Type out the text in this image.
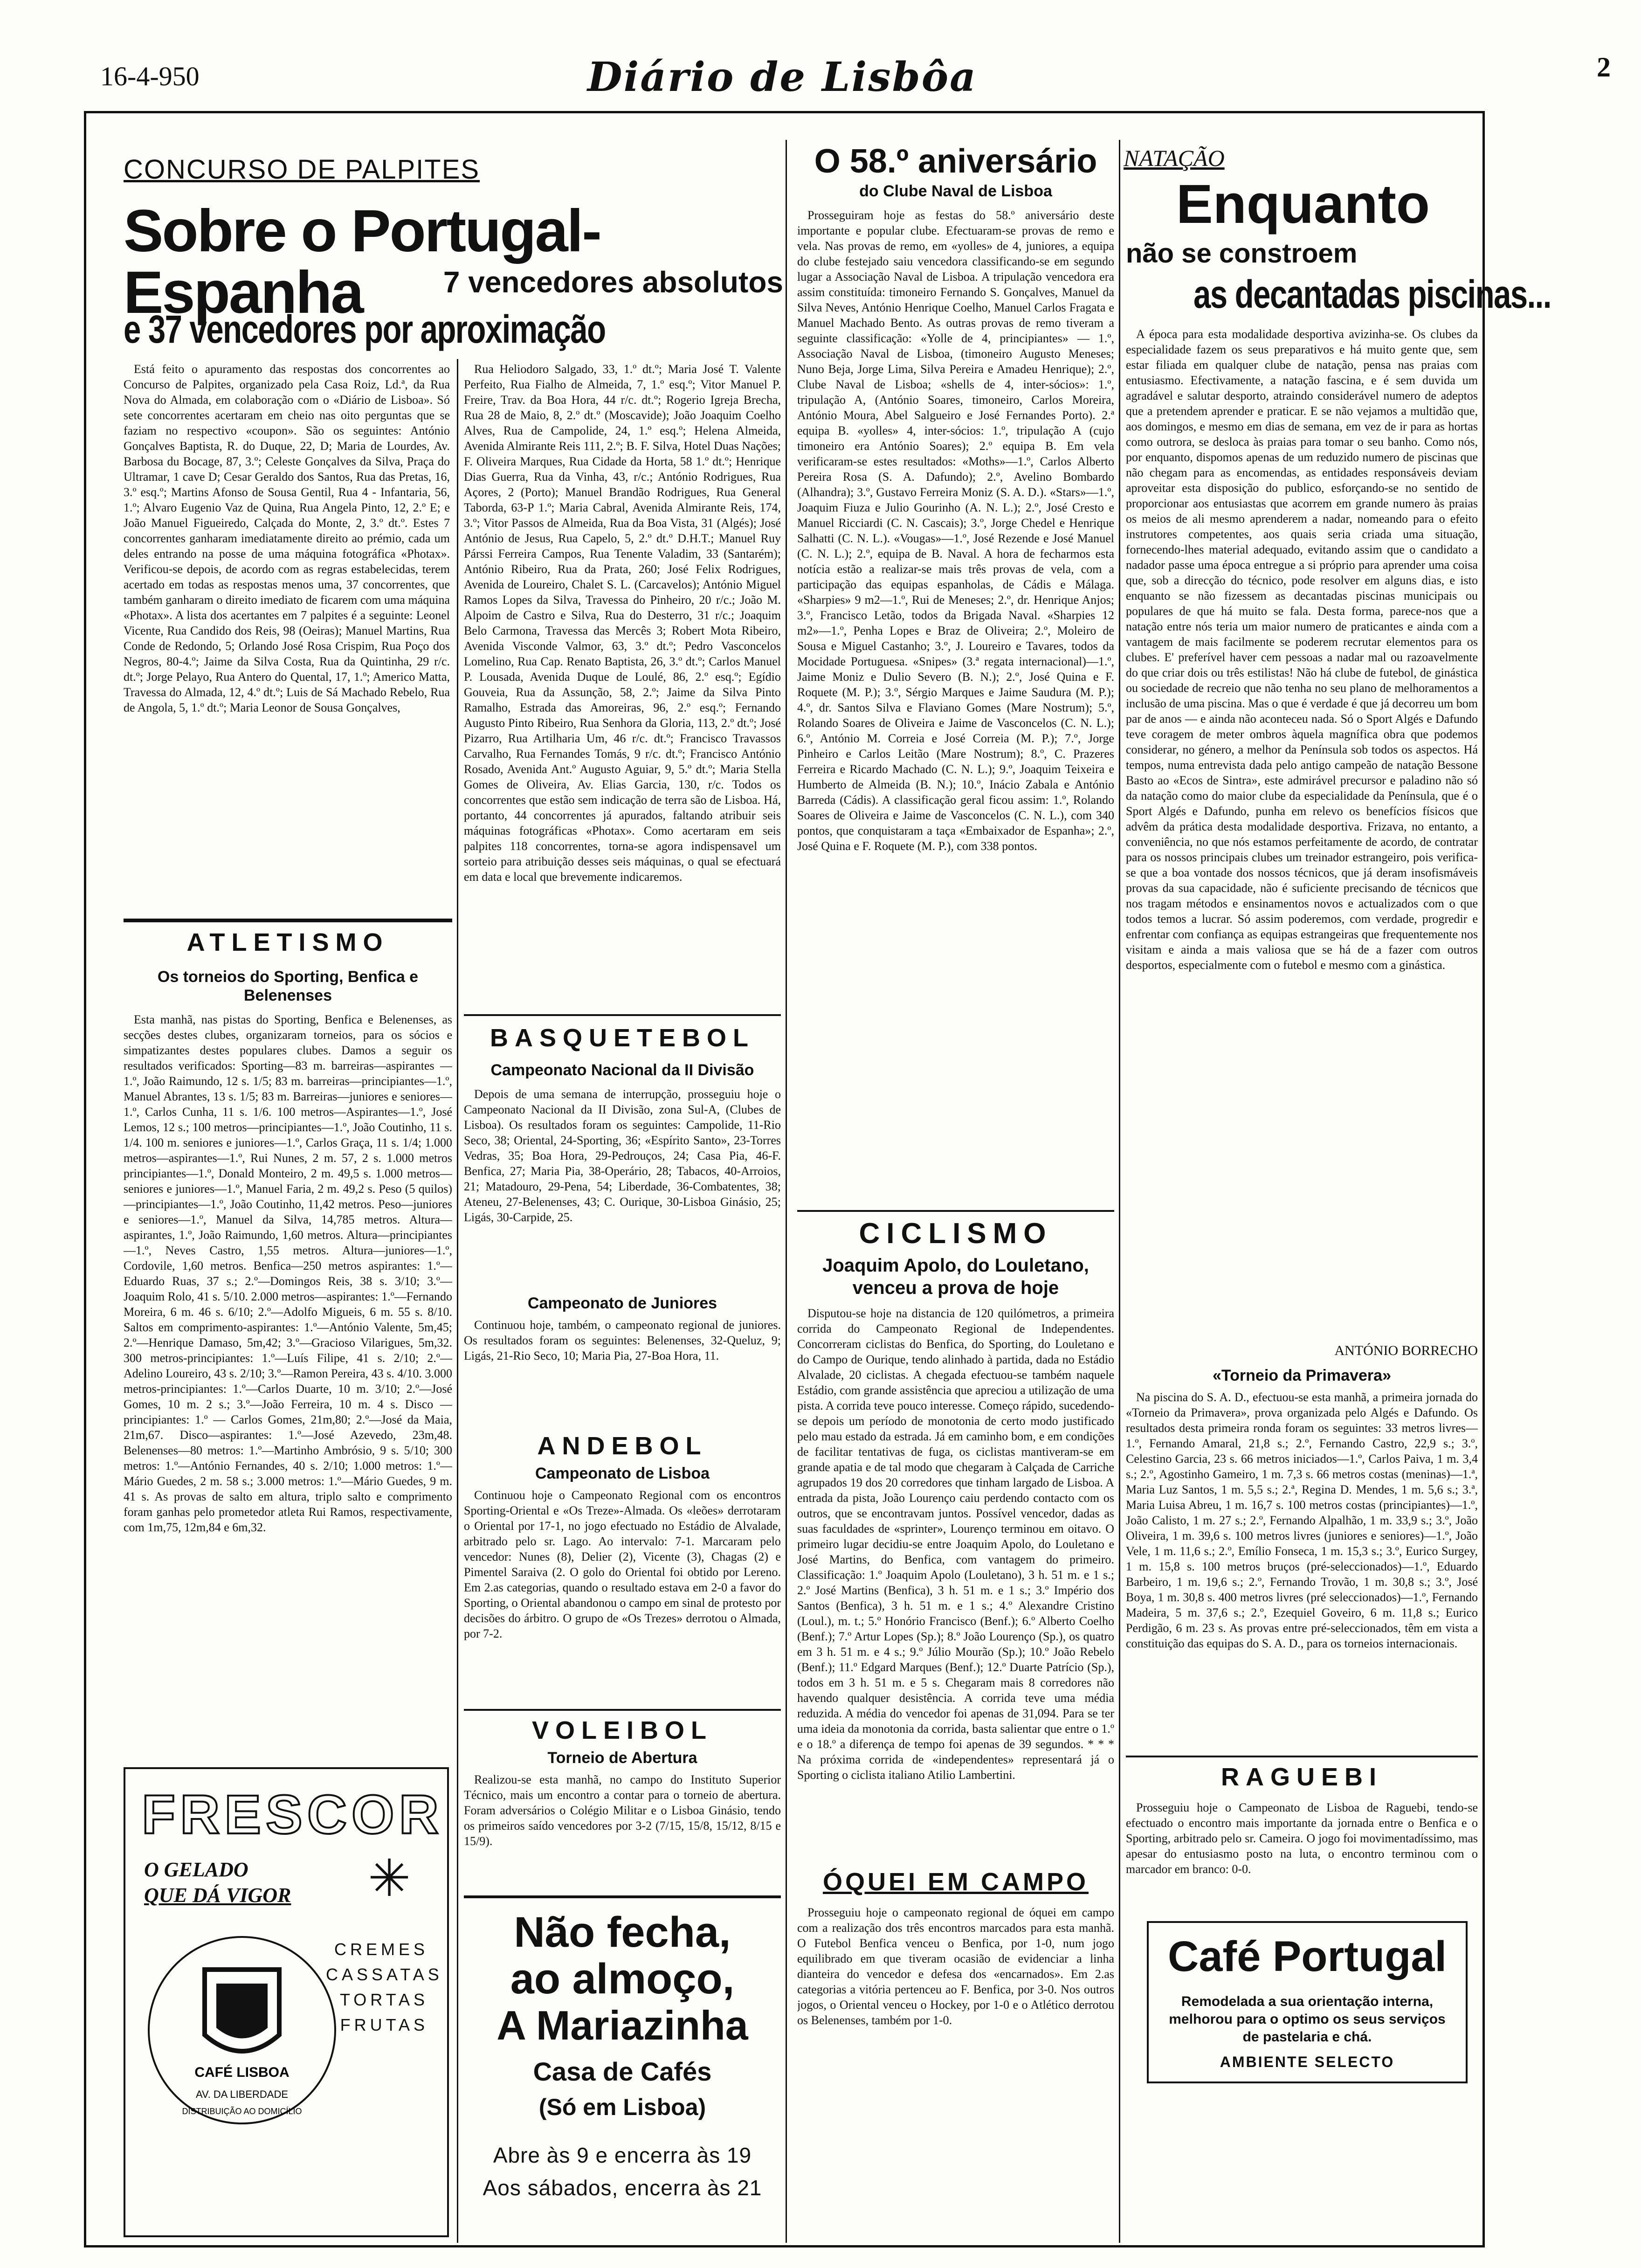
16-4-950	Diário de Lisbôa	2
CONCURSO DE PALPITES
Sobre o Portugal-Espanha	7 vencedores absolutos
e 37 vencedores por aproximação

Está feito o apuramento das respostas dos concorrentes ao Concurso de Palpites, organizado pela Casa Roiz, Ld.ª, da Rua Nova do Almada, em colaboração com o «Diário de Lisboa». Só sete concorrentes acertaram em cheio nas oito perguntas que se faziam no respectivo «coupon». São os seguintes: António Gonçalves Baptista, R. do Duque, 22, D; Maria de Lourdes, Av. Barbosa du Bocage, 87, 3.º; Celeste Gonçalves da Silva, Praça do Ultramar, 1 cave D; Cesar Geraldo dos Santos, Rua das Pretas, 16, 3.º esq.º; Martins Afonso de Sousa Gentil, Rua 4 - Infantaria, 56, 1.º; Alvaro Eugenio Vaz de Quina, Rua Angela Pinto, 12, 2.º E; e João Manuel Figueiredo, Calçada do Monte, 2, 3.º dt.º. Estes 7 concorrentes ganharam imediatamente direito ao prémio, cada um deles entrando na posse de uma máquina fotográfica «Photax». Verificou-se depois, de acordo com as regras estabelecidas, terem acertado em todas as respostas menos uma, 37 concorrentes, que também ganharam o direito imediato de ficarem com uma máquina «Photax». A lista dos acertantes em 7 palpites é a seguinte: Leonel Vicente, Rua Candido dos Reis, 98 (Oeiras); Manuel Martins, Rua Conde de Redondo, 5; Orlando José Rosa Crispim, Rua Poço dos Negros, 80-4.º; Jaime da Silva Costa, Rua da Quintinha, 29 r/c. dt.º; Jorge Pelayo, Rua Antero do Quental, 17, 1.º; Americo Matta, Travessa do Almada, 12, 4.º dt.º; Luis de Sá Machado Rebelo, Rua de Angola, 5, 1.º dt.º; Maria Leonor de Sousa Gonçalves,

Rua Heliodoro Salgado, 33, 1.º dt.º; Maria José T. Valente Perfeito, Rua Fialho de Almeida, 7, 1.º esq.º; Vitor Manuel P. Freire, Trav. da Boa Hora, 44 r/c. dt.º; Rogerio Igreja Brecha, Rua 28 de Maio, 8, 2.º dt.º (Moscavide); João Joaquim Coelho Alves, Rua de Campolide, 24, 1.º esq.º; Helena Almeida, Avenida Almirante Reis 111, 2.º; B. F. Silva, Hotel Duas Nações; F. Oliveira Marques, Rua Cidade da Horta, 58 1.º dt.º; Henrique Dias Guerra, Rua da Vinha, 43, r/c.; António Rodrigues, Rua Açores, 2 (Porto); Manuel Brandão Rodrigues, Rua General Taborda, 63-P 1.º; Maria Cabral, Avenida Almirante Reis, 174, 3.º; Vitor Passos de Almeida, Rua da Boa Vista, 31 (Algés); José António de Jesus, Rua Capelo, 5, 2.º dt.º D.H.T.; Manuel Ruy Párssi Ferreira Campos, Rua Tenente Valadim, 33 (Santarém); António Ribeiro, Rua da Prata, 260; José Felix Rodrigues, Avenida de Loureiro, Chalet S. L. (Carcavelos); António Miguel Ramos Lopes da Silva, Travessa do Pinheiro, 20 r/c.; João M. Alpoim de Castro e Silva, Rua do Desterro, 31 r/c.; Joaquim Belo Carmona, Travessa das Mercês 3; Robert Mota Ribeiro, Avenida Visconde Valmor, 63, 3.º dt.º; Pedro Vasconcelos Lomelino, Rua Cap. Renato Baptista, 26, 3.º dt.º; Carlos Manuel P. Lousada, Avenida Duque de Loulé, 86, 2.º esq.º; Egídio Gouveia, Rua da Assunção, 58, 2.º; Jaime da Silva Pinto Ramalho, Estrada das Amoreiras, 96, 2.º esq.º; Fernando Augusto Pinto Ribeiro, Rua Senhora da Gloria, 113, 2.º dt.º; José Pizarro, Rua Artilharia Um, 46 r/c. dt.º; Francisco Travassos Carvalho, Rua Fernandes Tomás, 9 r/c. dt.º; Francisco António Rosado, Avenida Ant.º Augusto Aguiar, 9, 5.º dt.º; Maria Stella Gomes de Oliveira, Av. Elias Garcia, 130, r/c. Todos os concorrentes que estão sem indicação de terra são de Lisboa. Há, portanto, 44 concorrentes já apurados, faltando atribuir seis máquinas fotográficas «Photax». Como acertaram em seis palpites 118 concorrentes, torna-se agora indispensavel um sorteio para atribuição desses seis máquinas, o qual se efectuará em data e local que brevemente indicaremos.

ATLETISMO
Os torneios do Sporting, Benfica e Belenenses

Esta manhã, nas pistas do Sporting, Benfica e Belenenses, as secções destes clubes, organizaram torneios, para os sócios e simpatizantes destes populares clubes. Damos a seguir os resultados verificados: Sporting—83 m. barreiras—aspirantes — 1.º, João Raimundo, 12 s. 1/5; 83 m. barreiras—principiantes—1.º, Manuel Abrantes, 13 s. 1/5; 83 m. Barreiras—juniores e seniores—1.º, Carlos Cunha, 11 s. 1/6. 100 metros—Aspirantes—1.º, José Lemos, 12 s.; 100 metros—principiantes—1.º, João Coutinho, 11 s. 1/4. 100 m. seniores e juniores—1.º, Carlos Graça, 11 s. 1/4; 1.000 metros—aspirantes—1.º, Rui Nunes, 2 m. 57, 2 s. 1.000 metros principiantes—1.º, Donald Monteiro, 2 m. 49,5 s. 1.000 metros—seniores e juniores—1.º, Manuel Faria, 2 m. 49,2 s. Peso (5 quilos)—principiantes—1.º, João Coutinho, 11,42 metros. Peso—juniores e seniores—1.º, Manuel da Silva, 14,785 metros. Altura—aspirantes, 1.º, João Raimundo, 1,60 metros. Altura—principiantes—1.º, Neves Castro, 1,55 metros. Altura—juniores—1.º, Cordovile, 1,60 metros. Benfica—250 metros aspirantes: 1.º—Eduardo Ruas, 37 s.; 2.º—Domingos Reis, 38 s. 3/10; 3.º—Joaquim Rolo, 41 s. 5/10. 2.000 metros—aspirantes: 1.º—Fernando Moreira, 6 m. 46 s. 6/10; 2.º—Adolfo Migueis, 6 m. 55 s. 8/10. Saltos em comprimento-aspirantes: 1.º—António Valente, 5m,45; 2.º—Henrique Damaso, 5m,42; 3.º—Gracioso Vilarigues, 5m,32. 300 metros-principiantes: 1.º—Luís Filipe, 41 s. 2/10; 2.º—Adelino Loureiro, 43 s. 2/10; 3.º—Ramon Pereira, 43 s. 4/10. 3.000 metros-principiantes: 1.º—Carlos Duarte, 10 m. 3/10; 2.º—José Gomes, 10 m. 2 s.; 3.º—João Ferreira, 10 m. 4 s. Disco — principiantes: 1.º — Carlos Gomes, 21m,80; 2.º—José da Maia, 21m,67. Disco—aspirantes: 1.º—José Azevedo, 23m,48. Belenenses—80 metros: 1.º—Martinho Ambrósio, 9 s. 5/10; 300 metros: 1.º—António Fernandes, 40 s. 2/10; 1.000 metros: 1.º—Mário Guedes, 2 m. 58 s.; 3.000 metros: 1.º—Mário Guedes, 9 m. 41 s. As provas de salto em altura, triplo salto e comprimento foram ganhas pelo prometedor atleta Rui Ramos, respectivamente, com 1m,75, 12m,84 e 6m,32.

FRESCOR
O GELADO
QUE DÁ VIGOR ✳
CREMES
CASSATAS
TORTAS
FRUTAS
CAFÉ LISBOA
AV. DA LIBERDADE
DISTRIBUIÇÃO AO DOMICÍLIO
BASQUETEBOL
Campeonato Nacional da II Divisão

Depois de uma semana de interrupção, prosseguiu hoje o Campeonato Nacional da II Divisão, zona Sul-A, (Clubes de Lisboa). Os resultados foram os seguintes: Campolide, 11-Rio Seco, 38; Oriental, 24-Sporting, 36; «Espírito Santo», 23-Torres Vedras, 35; Boa Hora, 29-Pedrouços, 24; Casa Pia, 46-F. Benfica, 27; Maria Pia, 38-Operário, 28; Tabacos, 40-Arroios, 21; Matadouro, 29-Pena, 54; Liberdade, 36-Combatentes, 38; Ateneu, 27-Belenenses, 43; C. Ourique, 30-Lisboa Ginásio, 25; Ligás, 30-Carpide, 25.

Campeonato de Juniores

Continuou hoje, também, o campeonato regional de juniores. Os resultados foram os seguintes: Belenenses, 32-Queluz, 9; Ligás, 21-Rio Seco, 10; Maria Pia, 27-Boa Hora, 11.

ANDEBOL
Campeonato de Lisboa

Continuou hoje o Campeonato Regional com os encontros Sporting-Oriental e «Os Treze»-Almada. Os «leões» derrotaram o Oriental por 17-1, no jogo efectuado no Estádio de Alvalade, arbitrado pelo sr. Lago. Ao intervalo: 7-1. Marcaram pelo vencedor: Nunes (8), Delier (2), Vicente (3), Chagas (2) e Pimentel Saraiva (2. O golo do Oriental foi obtido por Lereno. Em 2.as categorias, quando o resultado estava em 2-0 a favor do Sporting, o Oriental abandonou o campo em sinal de protesto por decisões do árbitro. O grupo de «Os Trezes» derrotou o Almada, por 7-2.

VOLEIBOL
Torneio de Abertura

Realizou-se esta manhã, no campo do Instituto Superior Técnico, mais um encontro a contar para o torneio de abertura. Foram adversários o Colégio Militar e o Lisboa Ginásio, tendo os primeiros saído vencedores por 3-2 (7/15, 15/8, 15/12, 8/15 e 15/9).

Não fecha,
ao almoço,
A Mariazinha
Casa de Cafés
(Só em Lisboa)
Abre às 9 e encerra às 19
Aos sábados, encerra às 21
O 58.º aniversário
do Clube Naval de Lisboa

Prosseguiram hoje as festas do 58.º aniversário deste importante e popular clube. Efectuaram-se provas de remo e vela. Nas provas de remo, em «yolles» de 4, juniores, a equipa do clube festejado saiu vencedora classificando-se em segundo lugar a Associação Naval de Lisboa. A tripulação vencedora era assim constituída: timoneiro Fernando S. Gonçalves, Manuel da Silva Neves, António Henrique Coelho, Manuel Carlos Fragata e Manuel Machado Bento. As outras provas de remo tiveram a seguinte classificação: «Yolle de 4, principiantes» — 1.º, Associação Naval de Lisboa, (timoneiro Augusto Meneses; Nuno Beja, Jorge Lima, Silva Pereira e Amadeu Henrique); 2.º, Clube Naval de Lisboa; «shells de 4, inter-sócios»: 1.º, tripulação A, (António Soares, timoneiro, Carlos Moreira, António Moura, Abel Salgueiro e José Fernandes Porto). 2.ª equipa B. «yolles» 4, inter-sócios: 1.º, tripulação A (cujo timoneiro era António Soares); 2.º equipa B. Em vela verificaram-se estes resultados: «Moths»—1.º, Carlos Alberto Pereira Rosa (S. A. Dafundo); 2.º, Avelino Bombardo (Alhandra); 3.º, Gustavo Ferreira Moniz (S. A. D.). «Stars»—1.º, Joaquim Fiuza e Julio Gourinho (A. N. L.); 2.º, José Cresto e Manuel Ricciardi (C. N. Cascais); 3.º, Jorge Chedel e Henrique Salhatti (C. N. L.). «Vougas»—1.º, José Rezende e José Manuel (C. N. L.); 2.º, equipa de B. Naval. A hora de fecharmos esta notícia estão a realizar-se mais três provas de vela, com a participação das equipas espanholas, de Cádis e Málaga. «Sharpies» 9 m2—1.º, Rui de Meneses; 2.º, dr. Henrique Anjos; 3.º, Francisco Letão, todos da Brigada Naval. «Sharpies 12 m2»—1.º, Penha Lopes e Braz de Oliveira; 2.º, Moleiro de Sousa e Miguel Castanho; 3.º, J. Loureiro e Tavares, todos da Mocidade Portuguesa. «Snipes» (3.ª regata internacional)—1.º, Jaime Moniz e Dulio Severo (B. N.); 2.º, José Quina e F. Roquete (M. P.); 3.º, Sérgio Marques e Jaime Saudura (M. P.); 4.º, dr. Santos Silva e Flaviano Gomes (Mare Nostrum); 5.º, Rolando Soares de Oliveira e Jaime de Vasconcelos (C. N. L.); 6.º, António M. Correia e José Correia (M. P.); 7.º, Jorge Pinheiro e Carlos Leitão (Mare Nostrum); 8.º, C. Prazeres Ferreira e Ricardo Machado (C. N. L.); 9.º, Joaquim Teixeira e Humberto de Almeida (B. N.); 10.º, Inácio Zabala e António Barreda (Cádis). A classificação geral ficou assim: 1.º, Rolando Soares de Oliveira e Jaime de Vasconcelos (C. N. L.), com 340 pontos, que conquistaram a taça «Embaixador de Espanha»; 2.º, José Quina e F. Roquete (M. P.), com 338 pontos.

CICLISMO
Joaquim Apolo, do Louletano, venceu a prova de hoje

Disputou-se hoje na distancia de 120 quilómetros, a primeira corrida do Campeonato Regional de Independentes. Concorreram ciclistas do Benfica, do Sporting, do Louletano e do Campo de Ourique, tendo alinhado à partida, dada no Estádio Alvalade, 20 ciclistas. A chegada efectuou-se também naquele Estádio, com grande assistência que apreciou a utilização de uma pista. A corrida teve pouco interesse. Começo rápido, sucedendo-se depois um período de monotonia de certo modo justificado pelo mau estado da estrada. Já em caminho bom, e em condições de facilitar tentativas de fuga, os ciclistas mantiveram-se em grande apatia e de tal modo que chegaram à Calçada de Carriche agrupados 19 dos 20 corredores que tinham largado de Lisboa. A entrada da pista, João Lourenço caiu perdendo contacto com os outros, que se encontravam juntos. Possível vencedor, dadas as suas faculdades de «sprinter», Lourenço terminou em oitavo. O primeiro lugar decidiu-se entre Joaquim Apolo, do Louletano e José Martins, do Benfica, com vantagem do primeiro. Classificação: 1.º Joaquim Apolo (Louletano), 3 h. 51 m. e 1 s.; 2.º José Martins (Benfica), 3 h. 51 m. e 1 s.; 3.º Império dos Santos (Benfica), 3 h. 51 m. e 1 s.; 4.º Alexandre Cristino (Loul.), m. t.; 5.º Honório Francisco (Benf.); 6.º Alberto Coelho (Benf.); 7.º Artur Lopes (Sp.); 8.º João Lourenço (Sp.), os quatro em 3 h. 51 m. e 4 s.; 9.º Júlio Mourão (Sp.); 10.º João Rebelo (Benf.); 11.º Edgard Marques (Benf.); 12.º Duarte Patrício (Sp.), todos em 3 h. 51 m. e 5 s. Chegaram mais 8 corredores não havendo qualquer desistência. A corrida teve uma média reduzida. A média do vencedor foi apenas de 31,094. Para se ter uma ideia da monotonia da corrida, basta salientar que entre o 1.º e o 18.º a diferença de tempo foi apenas de 39 segundos. * * * Na próxima corrida de «independentes» representará já o Sporting o ciclista italiano Atilio Lambertini.

ÓQUEI EM CAMPO

Prosseguiu hoje o campeonato regional de óquei em campo com a realização dos três encontros marcados para esta manhã. O Futebol Benfica venceu o Benfica, por 1-0, num jogo equilibrado em que tiveram ocasião de evidenciar a linha dianteira do vencedor e defesa dos «encarnados». Em 2.as categorias a vitória pertenceu ao F. Benfica, por 3-0. Nos outros jogos, o Oriental venceu o Hockey, por 1-0 e o Atlético derrotou os Belenenses, também por 1-0.

NATAÇÃO
Enquanto
não se constroem
as decantadas piscinas...

A época para esta modalidade desportiva avizinha-se. Os clubes da especialidade fazem os seus preparativos e há muito gente que, sem estar filiada em qualquer clube de natação, pensa nas praias com entusiasmo. Efectivamente, a natação fascina, e é sem duvida um agradável e salutar desporto, atraindo considerável numero de adeptos que a pretendem aprender e praticar. E se não vejamos a multidão que, aos domingos, e mesmo em dias de semana, em vez de ir para as hortas como outrora, se desloca às praias para tomar o seu banho. Como nós, por enquanto, dispomos apenas de um reduzido numero de piscinas que não chegam para as encomendas, as entidades responsáveis deviam aproveitar esta disposição do publico, esforçando-se no sentido de proporcionar aos entusiastas que acorrem em grande numero às praias os meios de ali mesmo aprenderem a nadar, nomeando para o efeito instrutores competentes, aos quais seria criada uma situação, fornecendo-lhes material adequado, evitando assim que o candidato a nadador passe uma época entregue a si próprio para aprender uma coisa que, sob a direcção do técnico, pode resolver em alguns dias, e isto enquanto se não fizessem as decantadas piscinas municipais ou populares de que há muito se fala. Desta forma, parece-nos que a natação entre nós teria um maior numero de praticantes e ainda com a vantagem de mais facilmente se poderem recrutar elementos para os clubes. E' preferível haver cem pessoas a nadar mal ou razoavelmente do que criar dois ou três estilistas! Não há clube de futebol, de ginástica ou sociedade de recreio que não tenha no seu plano de melhoramentos a inclusão de uma piscina. Mas o que é verdade é que já decorreu um bom par de anos — e ainda não aconteceu nada. Só o Sport Algés e Dafundo teve coragem de meter ombros àquela magnífica obra que podemos considerar, no género, a melhor da Península sob todos os aspectos. Há tempos, numa entrevista dada pelo antigo campeão de natação Bessone Basto ao «Ecos de Sintra», este admirável precursor e paladino não só da natação como do maior clube da especialidade da Península, que é o Sport Algés e Dafundo, punha em relevo os benefícios físicos que advêm da prática desta modalidade desportiva. Frizava, no entanto, a conveniência, no que nós estamos perfeitamente de acordo, de contratar para os nossos principais clubes um treinador estrangeiro, pois verifica-se que a boa vontade dos nossos técnicos, que já deram insofismáveis provas da sua capacidade, não é suficiente precisando de técnicos que nos tragam métodos e ensinamentos novos e actualizados com o que todos temos a lucrar. Só assim poderemos, com verdade, progredir e enfrentar com confiança as equipas estrangeiras que frequentemente nos visitam e ainda a mais valiosa que se há de a fazer com outros desportos, especialmente com o futebol e mesmo com a ginástica.

ANTÓNIO BORRECHO
«Torneio da Primavera»

Na piscina do S. A. D., efectuou-se esta manhã, a primeira jornada do «Torneio da Primavera», prova organizada pelo Algés e Dafundo. Os resultados desta primeira ronda foram os seguintes: 33 metros livres—1.º, Fernando Amaral, 21,8 s.; 2.º, Fernando Castro, 22,9 s.; 3.º, Celestino Garcia, 23 s. 66 metros iniciados—1.º, Carlos Paiva, 1 m. 3,4 s.; 2.º, Agostinho Gameiro, 1 m. 7,3 s. 66 metros costas (meninas)—1.ª, Maria Luz Santos, 1 m. 5,5 s.; 2.ª, Regina D. Mendes, 1 m. 5,6 s.; 3.ª, Maria Luisa Abreu, 1 m. 16,7 s. 100 metros costas (principiantes)—1.º, João Calisto, 1 m. 27 s.; 2.º, Fernando Alpalhão, 1 m. 33,9 s.; 3.º, João Oliveira, 1 m. 39,6 s. 100 metros livres (juniores e seniores)—1.º, João Vele, 1 m. 11,6 s.; 2.º, Emílio Fonseca, 1 m. 15,3 s.; 3.º, Eurico Surgey, 1 m. 15,8 s. 100 metros bruços (pré-seleccionados)—1.º, Eduardo Barbeiro, 1 m. 19,6 s.; 2.º, Fernando Trovão, 1 m. 30,8 s.; 3.º, José Boya, 1 m. 30,8 s. 400 metros livres (pré seleccionados)—1.º, Fernando Madeira, 5 m. 37,6 s.; 2.º, Ezequiel Goveiro, 6 m. 11,8 s.; Eurico Perdigão, 6 m. 23 s. As provas entre pré-seleccionados, têm em vista a constituição das equipas do S. A. D., para os torneios internacionais.

RAGUEBI

Prosseguiu hoje o Campeonato de Lisboa de Raguebi, tendo-se efectuado o encontro mais importante da jornada entre o Benfica e o Sporting, arbitrado pelo sr. Cameira. O jogo foi movimentadíssimo, mas apesar do entusiasmo posto na luta, o encontro terminou com o marcador em branco: 0-0.

Café Portugal
Remodelada a sua orientação interna, melhorou para o optimo os seus serviços de pastelaria e chá.
AMBIENTE SELECTO
